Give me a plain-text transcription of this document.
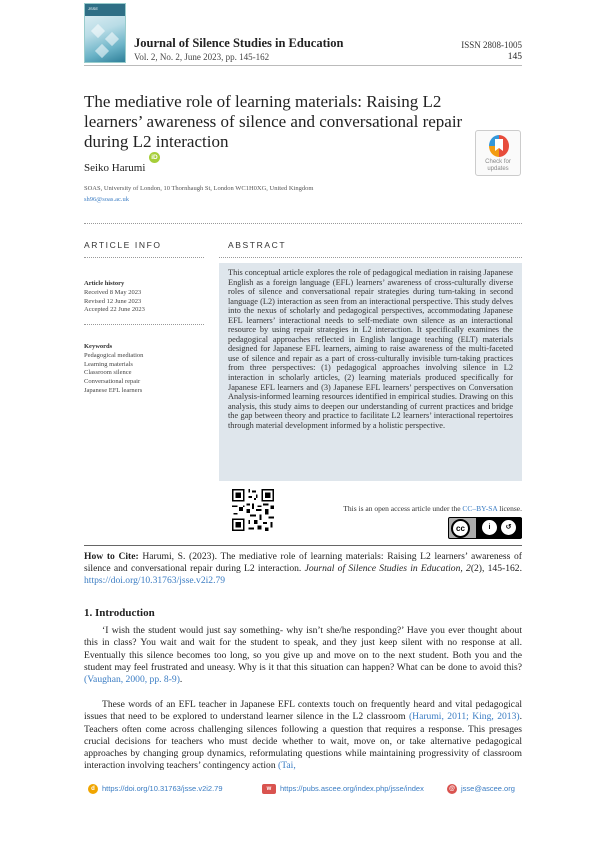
JSSE
Journal of Silence Studies in Education
Vol. 2, No. 2, June 2023, pp. 145-162
ISSN 2808-1005
145
The mediative role of learning materials: Raising L2 learners’ awareness of silence and conversational repair during L2 interaction
Check for
updates
Seiko Harumi
iD
SOAS, University of London, 10 Thornhaugh St, London WC1H0XG, United Kingdom
sh96@soas.ac.uk
ARTICLE INFO	ABSTRACT
Article history
Received 8 May 2023
Revised 12 June 2023
Accepted 22 June 2023
Keywords
Pedagogical mediation
Learning materials
Classroom silence
Conversational repair
Japanese EFL learners

This conceptual article explores the role of pedagogical mediation in raising Japanese English as a foreign language (EFL) learners’ awareness of cross-culturally diverse roles of silence and conversational repair strategies during turn-taking in second language (L2) interaction as seen from an interactional perspective. This study delves into the nexus of scholarly and pedagogical perspectives, accommodating Japanese EFL learners’ interactional needs to self-mediate own silence as an interactional resource by using repair strategies in L2 interaction. It specifically examines the pedagogical approaches reflected in English language teaching (ELT) materials designed for Japanese EFL learners, aiming to raise awareness of the multi-faceted use of silence and repair as a part of cross-culturally invisible turn-taking practices from three perspectives: (1) pedagogical approaches involving silence in L2 interaction in scholarly articles, (2) learning materials produced specifically for Japanese EFL learners and (3) Japanese EFL learners’ perspectives on Conversation Analysis-informed learning resources identified in empirical studies. Drawing on this analysis, this study aims to deepen our understanding of current practices and bridge the gap between theory and practice to facilitate L2 learners’ interactional repertoires through material development informed by a holistic perspective.

This is an open access article under the CC–BY-SA license.
cc	i	↺
How to Cite: Harumi, S. (2023). The mediative role of learning materials: Raising L2 learners’ awareness of silence and conversational repair during L2 interaction. Journal of Silence Studies in Education, 2(2), 145-162. https://doi.org/10.31763/jsse.v2i2.79
1. Introduction
‘I wish the student would just say something- why isn’t she/he responding?’ Have you ever thought about this in class? You wait and wait for the student to speak, and they just keep silent with no response at all. Eventually this silence becomes too long, so you give up and move on to the next student. Both you and the student may feel frustrated and uneasy. Why is it that this situation can happen? What can be done to avoid this? (Vaughan, 2000, pp. 8-9).
These words of an EFL teacher in Japanese EFL contexts touch on frequently heard and vital pedagogical issues that need to be explored to understand learner silence in the L2 classroom (Harumi, 2011; King, 2013). Teachers often come across challenging silences following a question that requires a response. This presages crucial decisions for teachers who must decide whether to wait, move on, or take alternative pedagogical approaches by changing group dynamics, reformulating questions while maintaining progressivity of classroom interaction involving teachers’ contingency action (Tai,
d https://doi.org/10.31763/jsse.v2i2.79	w https://pubs.ascee.org/index.php/jsse/index	@ jsse@ascee.org
